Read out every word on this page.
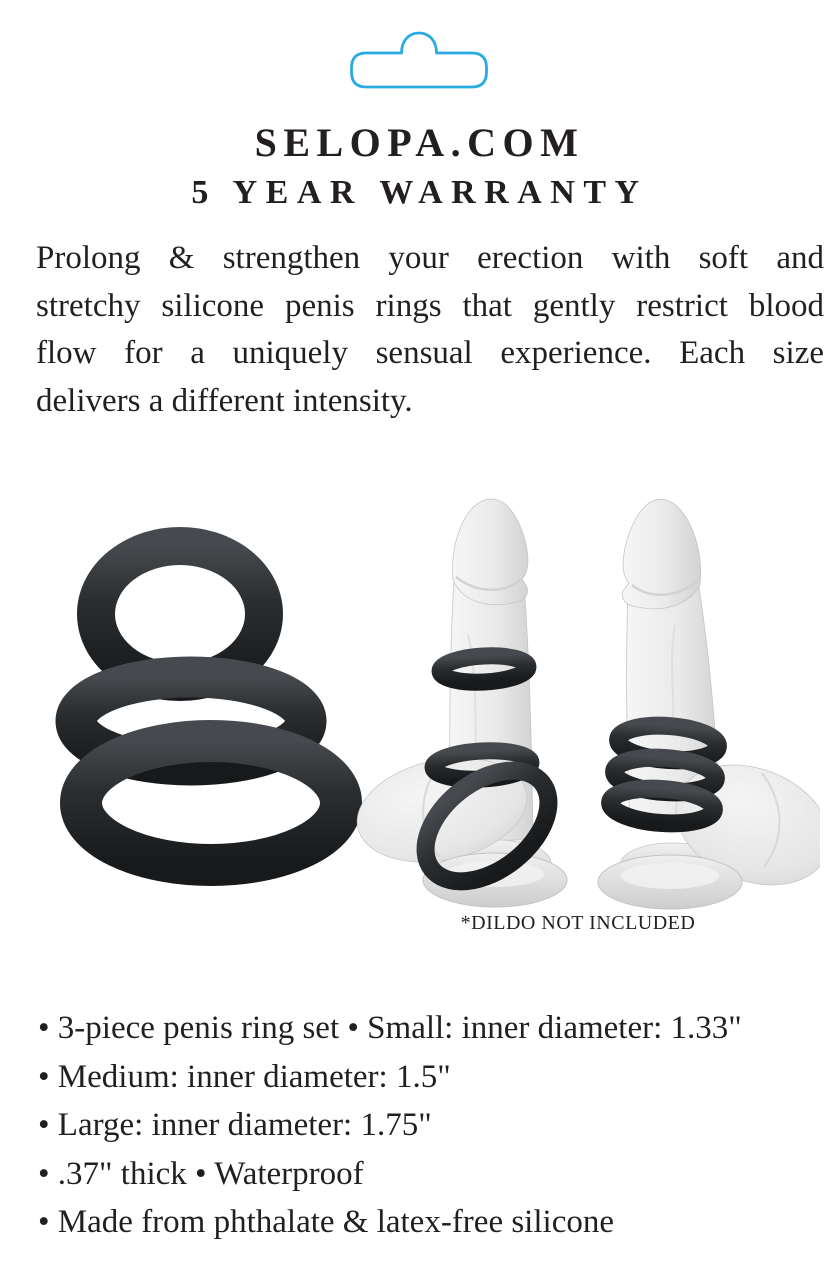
SELOPA.COM
5 YEAR WARRANTY
Prolong & strengthen your erection with soft and
stretchy silicone penis rings that gently restrict blood
flow for a uniquely sensual experience. Each size
delivers a different intensity.
*DILDO NOT INCLUDED
• 3-piece penis ring set • Small: inner diameter: 1.33"
• Medium: inner diameter: 1.5"
• Large: inner diameter: 1.75"
• .37" thick • Waterproof
• Made from phthalate & latex-free silicone
